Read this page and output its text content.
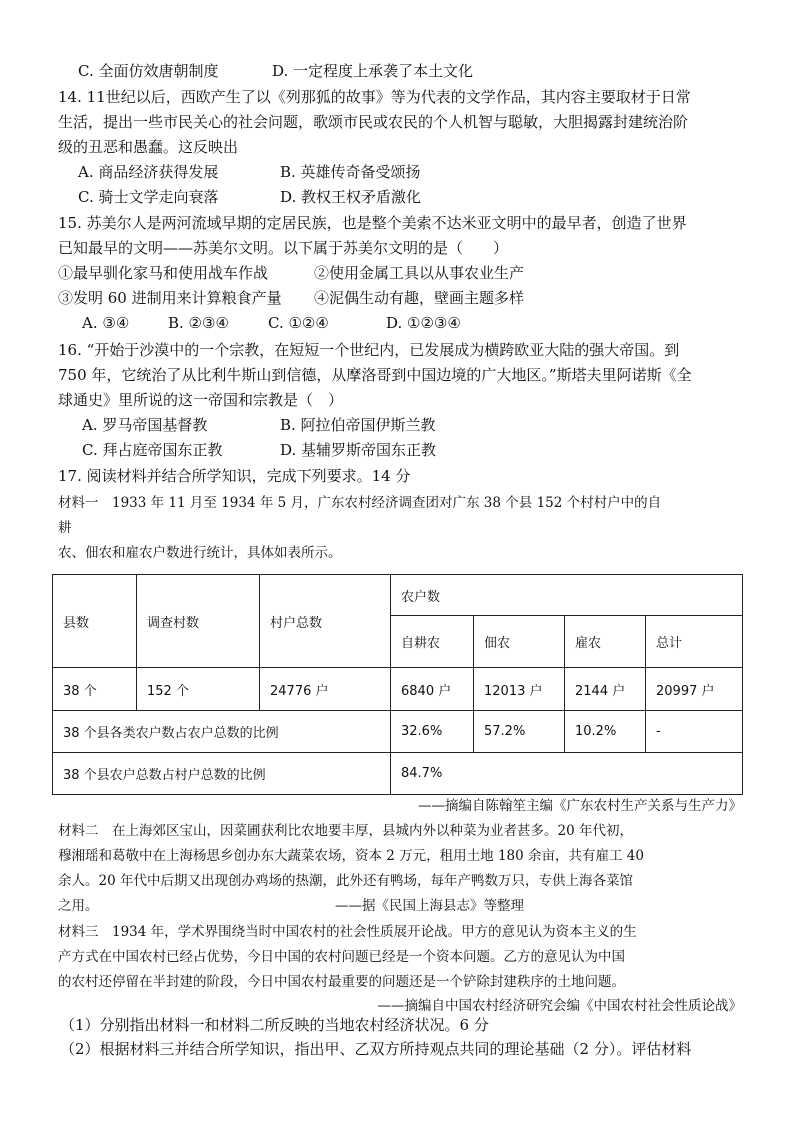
C. 全面仿效唐朝制度	D. 一定程度上承袭了本土文化
14. 11世纪以后，西欧产生了以《列那狐的故事》等为代表的文学作品，其内容主要取材于日常
生活，提出一些市民关心的社会问题，歌颂市民或农民的个人机智与聪敏，大胆揭露封建统治阶
级的丑恶和愚蠢。这反映出
A. 商品经济获得发展	B. 英雄传奇备受颂扬
C. 骑士文学走向衰落	D. 教权王权矛盾激化
15. 苏美尔人是两河流域早期的定居民族，也是整个美索不达米亚文明中的最早者，创造了世界
已知最早的文明——苏美尔文明。以下属于苏美尔文明的是（　　）
①最早驯化家马和使用战车作战	②使用金属工具以从事农业生产
③发明 60 进制用来计算粮食产量 ④泥偶生动有趣，壁画主题多样
A. ③④	B. ②③④	C. ①②④	D. ①②③④
16. “开始于沙漠中的一个宗教，在短短一个世纪内，已发展成为横跨欧亚大陆的强大帝国。到
750 年，它统治了从比利牛斯山到信德，从摩洛哥到中国边境的广大地区。”斯塔夫里阿诺斯《全
球通史》里所说的这一帝国和宗教是（　）
A. 罗马帝国基督教	B. 阿拉伯帝国伊斯兰教
C. 拜占庭帝国东正教	D. 基辅罗斯帝国东正教
17. 阅读材料并结合所学知识，完成下列要求。14 分
材料一　1933 年 11 月至 1934 年 5 月，广东农村经济调查团对广东 38 个县 152 个村村户中的自
耕
农、佃农和雇农户数进行统计，具体如表所示。
县数	调查村数	村户总数	农户数			
			自耕农	佃农	雇农	总计
38 个	152 个	24776 户	6840 户	12013 户	2144 户	20997 户
38 个县各类农户数占农户总数的比例			32.6%	57.2%	10.2%	-
38 个县农户总数占村户总数的比例			84.7%			
——摘编自陈翰笙主编《广东农村生产关系与生产力》
材料二　在上海郊区宝山，因菜圃获利比农地要丰厚，县城内外以种菜为业者甚多。20 年代初，
穆湘瑶和葛敬中在上海杨思乡创办东大蔬菜农场，资本 2 万元，租用土地 180 余亩，共有雇工 40
余人。20 年代中后期又出现创办鸡场的热潮，此外还有鸭场，每年产鸭数万只，专供上海各菜馆
之用。	——据《民国上海县志》等整理
材料三　1934 年，学术界围绕当时中国农村的社会性质展开论战。甲方的意见认为资本主义的生
产方式在中国农村已经占优势，今日中国的农村问题已经是一个资本问题。乙方的意见认为中国
的农村还停留在半封建的阶段，今日中国农村最重要的问题还是一个铲除封建秩序的土地问题。
——摘编自中国农村经济研究会编《中国农村社会性质论战》
（1）分别指出材料一和材料二所反映的当地农村经济状况。6 分
（2）根据材料三并结合所学知识，指出甲、乙双方所持观点共同的理论基础（2 分）。评估材料
